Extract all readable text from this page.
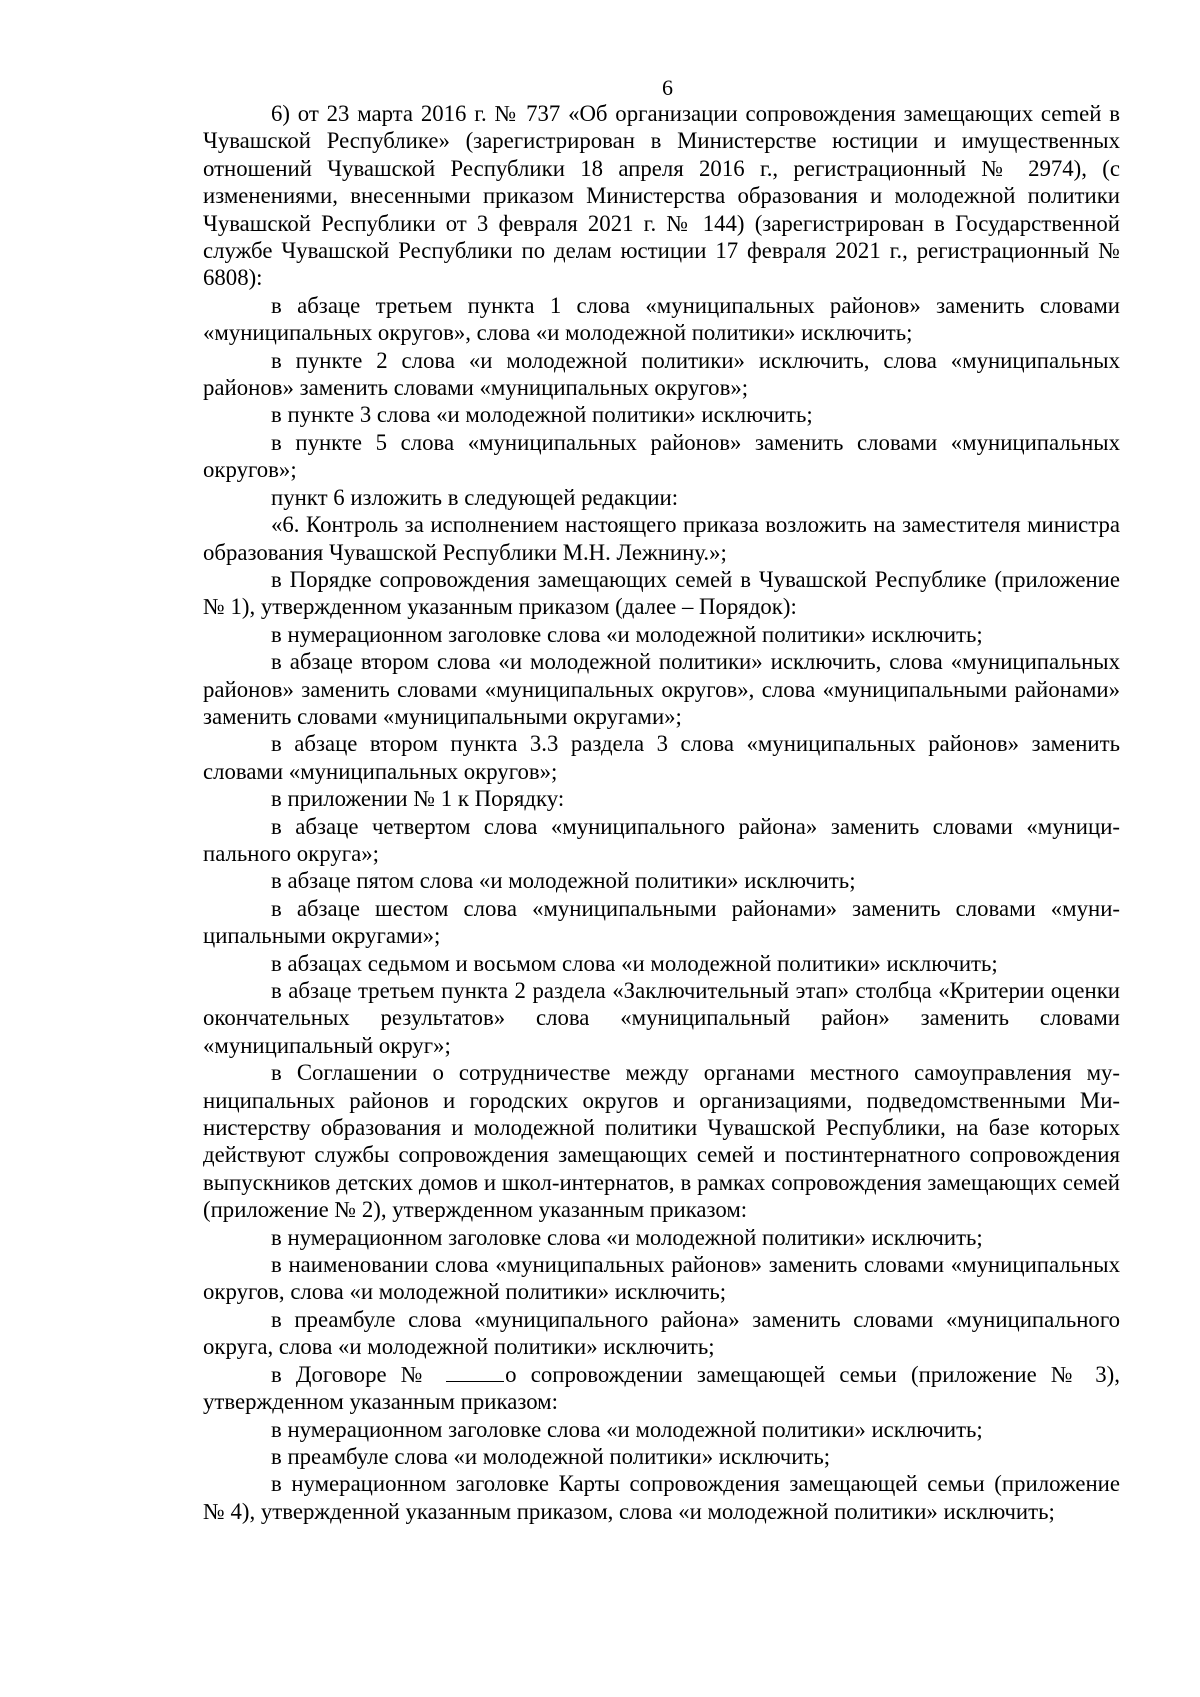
6

6) от 23 марта 2016 г. № 737 «Об организации сопровождения замещающих сеmей в Чувашской Республике» (зарегистрирован в Министерстве юстиции и имущественных отношений Чувашской Республики 18 апреля 2016 г., регистрационный № 2974), (с изменениями, внесенными приказом Министерства образования и молодежной политики Чувашской Республики от 3 февраля 2021 г. № 144) (зарегистрирован в Государственной службе Чувашской Республики по делам юстиции 17 февраля 2021 г., регистрационный № 6808):

в абзаце третьем пункта 1 слова «муниципальных районов» заменить словами «муниципальных округов», слова «и молодежной политики» исключить;

в пункте 2 слова «и молодежной политики» исключить, слова «муниципальных районов» заменить словами «муниципальных округов»;

в пункте 3 слова «и молодежной политики» исключить;

в пункте 5 слова «муниципальных районов» заменить словами «муниципальных округов»;

пункт 6 изложить в следующей редакции:

«6. Контроль за исполнением настоящего приказа возложить на заместителя министра образования Чувашской Республики М.Н. Лежнину.»;

в Порядке сопровождения замещающих семей в Чувашской Республике (приложение № 1), утвержденном указанным приказом (далее – Порядок):

в нумерационном заголовке слова «и молодежной политики» исключить;

в абзаце втором слова «и молодежной политики» исключить, слова «муниципальных районов» заменить словами «муниципальных округов», слова «муниципальными районами» заменить словами «муниципальными округами»;

в абзаце втором пункта 3.3 раздела 3 слова «муниципальных районов» заменить словами «муниципальных округов»;

в приложении № 1 к Порядку:

в абзаце четвертом слова «муниципального района» заменить словами «муниципального округа»;

в абзаце пятом слова «и молодежной политики» исключить;

в абзаце шестом слова «муниципальными районами» заменить словами «муниципальными округами»;

в абзацах седьмом и восьмом слова «и молодежной политики» исключить;

в абзаце третьем пункта 2 раздела «Заключительный этап» столбца «Критерии оценки окончательных результатов» слова «муниципальный район» заменить словами «муниципальный округ»;

в Соглашении о сотрудничестве между органами местного самоуправления муниципальных районов и городских округов и организациями, подведомственными Министерству образования и молодежной политики Чувашской Республики, на базе которых действуют службы сопровождения замещающих семей и постинтернатного сопровождения выпускников детских домов и школ-интернатов, в рамках сопровождения замещающих семей (приложение № 2), утвержденном указанным приказом:

в нумерационном заголовке слова «и молодежной политики» исключить;

в наименовании слова «муниципальных районов» заменить словами «муниципальных округов, слова «и молодежной политики» исключить;

в преамбуле слова «муниципального района» заменить словами «муниципального округа, слова «и молодежной политики» исключить;

в Договоре №	о сопровождении замещающей семьи (приложение № 3), утвержденном указанным приказом:

в нумерационном заголовке слова «и молодежной политики» исключить;

в преамбуле слова «и молодежной политики» исключить;

в нумерационном заголовке Карты сопровождения замещающей семьи (приложение № 4), утвержденной указанным приказом, слова «и молодежной политики» исключить;
